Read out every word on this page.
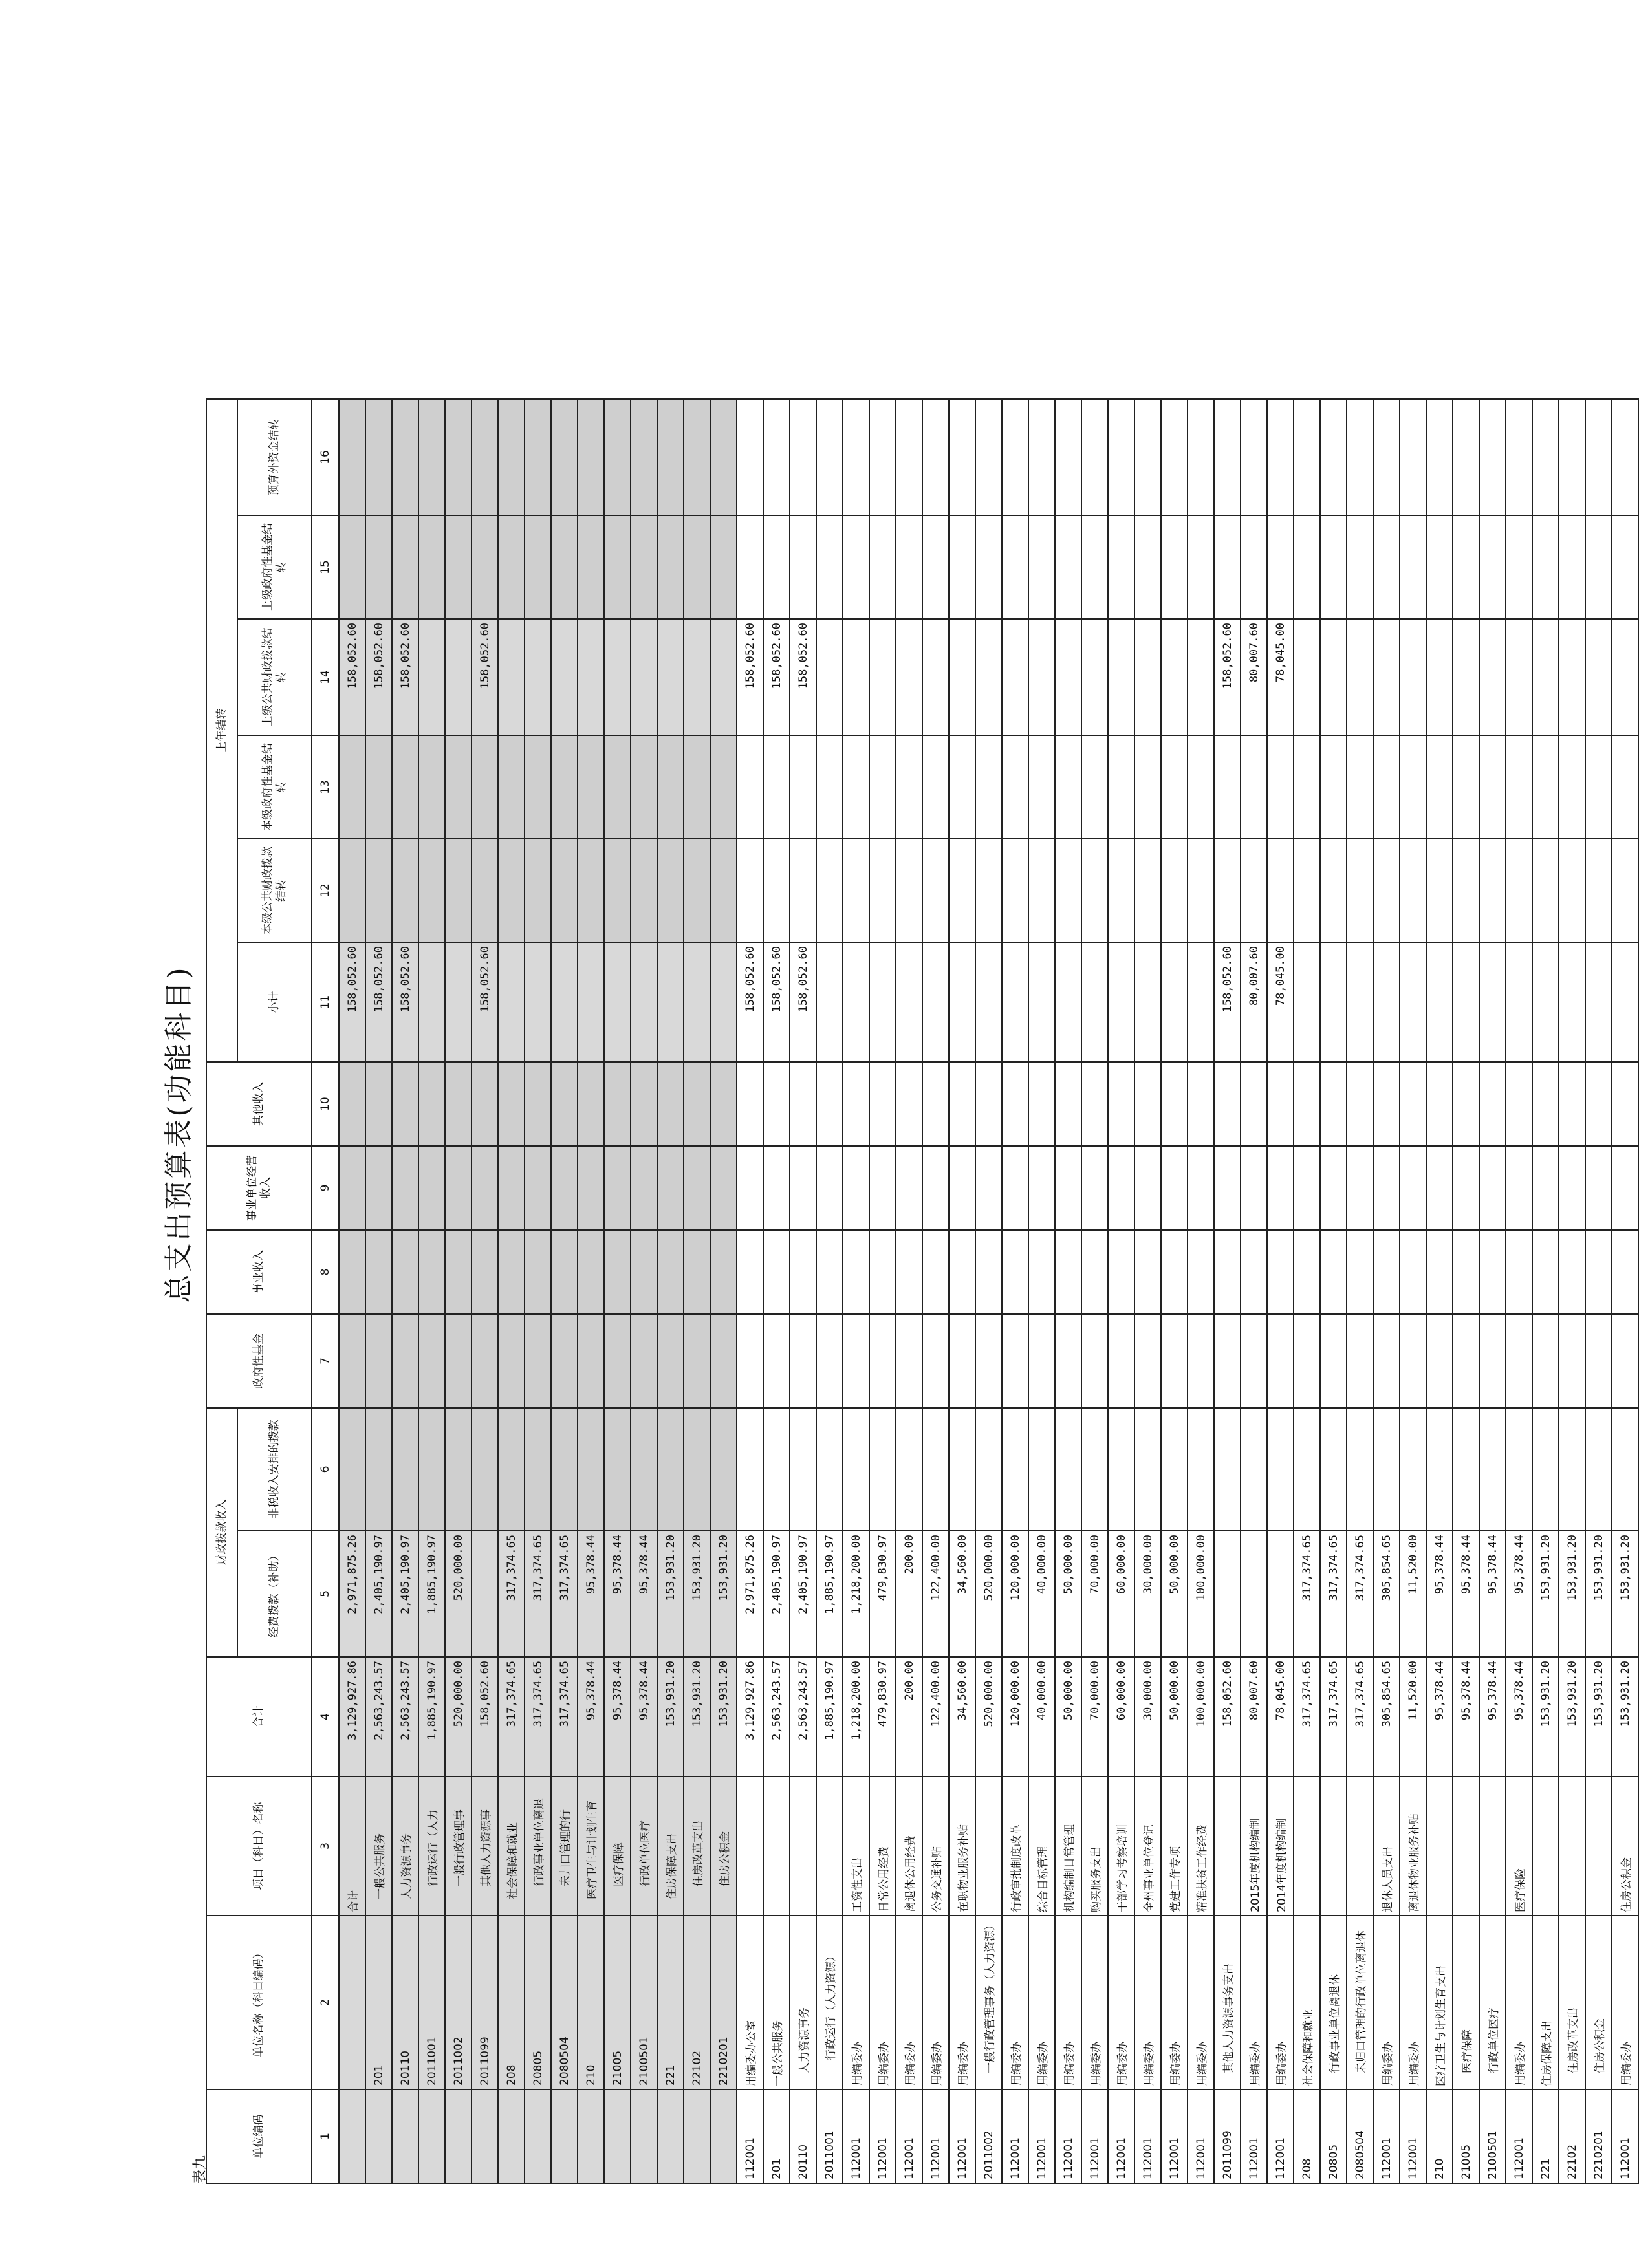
总支出预算表(功能科目)
表九
单位编码	单位名称（科目编码）	项目（科目）名称	合计	财政拨款收入		政府性基金	事业收入	事业单位经营收入	其他收入	上年结转					
				经费拨款（补助）	非税收入安排的拨款					小计	本级公共财政拨款结转	本级政府性基金结转	上级公共财政拨款结转	上级政府性基金结转	预算外资金结转
1	2	3	4	5	6	7	8	9	10	11	12	13	14	15	16
		合计	3,129,927.86	2,971,875.26						158,052.60			158,052.60		
	201	一般公共服务	2,563,243.57	2,405,190.97						158,052.60			158,052.60		
	20110	人力资源事务	2,563,243.57	2,405,190.97						158,052.60			158,052.60		
	2011001	行政运行（人力	1,885,190.97	1,885,190.97											
	2011002	一般行政管理事	520,000.00	520,000.00											
	2011099	其他人力资源事	158,052.60							158,052.60			158,052.60		
	208	社会保障和就业	317,374.65	317,374.65											
	20805	行政事业单位离退	317,374.65	317,374.65											
	2080504	未归口管理的行	317,374.65	317,374.65											
	210	医疗卫生与计划生育	95,378.44	95,378.44											
	21005	医疗保障	95,378.44	95,378.44											
	2100501	行政单位医疗	95,378.44	95,378.44											
	221	住房保障支出	153,931.20	153,931.20											
	22102	住房改革支出	153,931.20	153,931.20											
	2210201	住房公积金	153,931.20	153,931.20											
112001	用编委办公室		3,129,927.86	2,971,875.26						158,052.60			158,052.60		
201	一般公共服务		2,563,243.57	2,405,190.97						158,052.60			158,052.60		
20110	人力资源事务		2,563,243.57	2,405,190.97						158,052.60			158,052.60		
2011001	行政运行（人力资源）		1,885,190.97	1,885,190.97											
112001	用编委办	工资性支出	1,218,200.00	1,218,200.00											
112001	用编委办	日常公用经费	479,830.97	479,830.97											
112001	用编委办	离退休公用经费	200.00	200.00											
112001	用编委办	公务交通补贴	122,400.00	122,400.00											
112001	用编委办	在职物业服务补贴	34,560.00	34,560.00											
2011002	一般行政管理事务（人力资源）		520,000.00	520,000.00											
112001	用编委办	行政审批制度改革	120,000.00	120,000.00											
112001	用编委办	综合目标管理	40,000.00	40,000.00											
112001	用编委办	机构编制日常管理	50,000.00	50,000.00											
112001	用编委办	购买服务支出	70,000.00	70,000.00											
112001	用编委办	干部学习考察培训	60,000.00	60,000.00											
112001	用编委办	全州事业单位登记	30,000.00	30,000.00											
112001	用编委办	党建工作专项	50,000.00	50,000.00											
112001	用编委办	精准扶贫工作经费	100,000.00	100,000.00											
2011099	其他人力资源事务支出		158,052.60							158,052.60			158,052.60		
112001	用编委办	2015年度机构编制	80,007.60							80,007.60			80,007.60		
112001	用编委办	2014年度机构编制	78,045.00							78,045.00			78,045.00		
208	社会保障和就业		317,374.65	317,374.65											
20805	行政事业单位离退休		317,374.65	317,374.65											
2080504	未归口管理的行政单位离退休		317,374.65	317,374.65											
112001	用编委办	退休人员支出	305,854.65	305,854.65											
112001	用编委办	离退休物业服务补贴	11,520.00	11,520.00											
210	医疗卫生与计划生育支出		95,378.44	95,378.44											
21005	医疗保障		95,378.44	95,378.44											
2100501	行政单位医疗		95,378.44	95,378.44											
112001	用编委办	医疗保险	95,378.44	95,378.44											
221	住房保障支出		153,931.20	153,931.20											
22102	住房改革支出		153,931.20	153,931.20											
2210201	住房公积金		153,931.20	153,931.20											
112001	用编委办	住房公积金	153,931.20	153,931.20											
